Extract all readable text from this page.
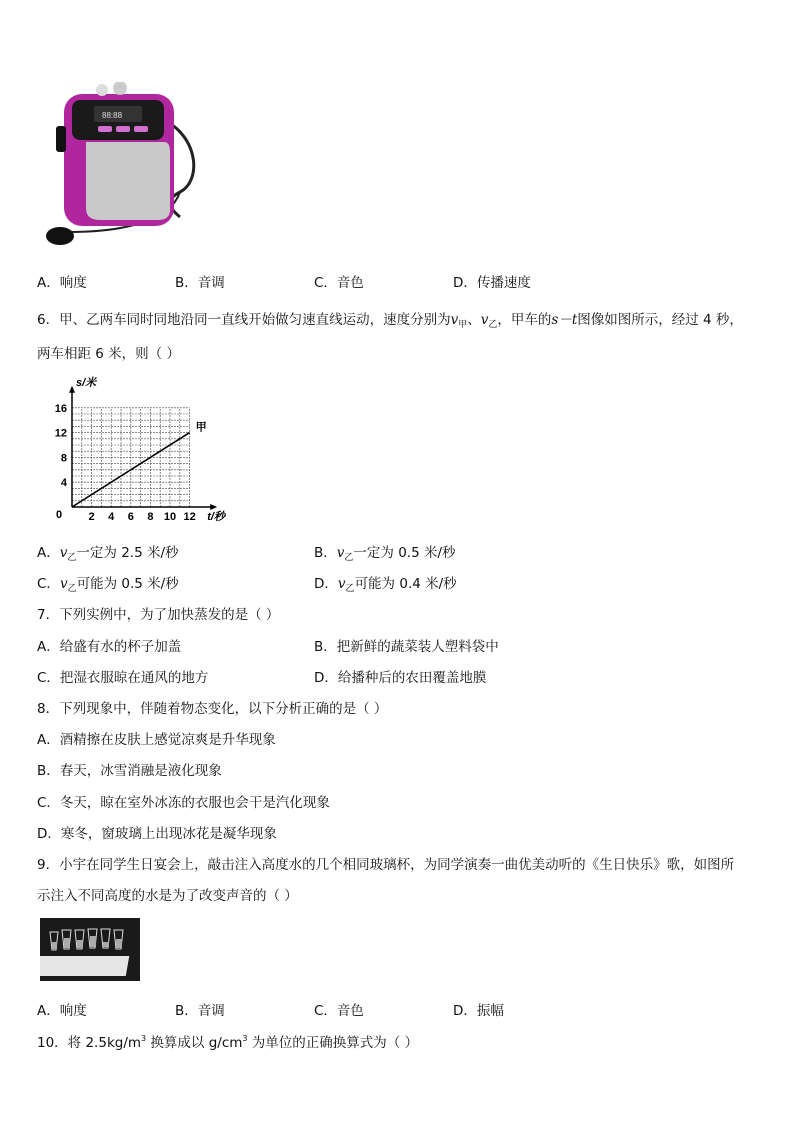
88:88
A．响度	B．音调	C．音色	D．传播速度
6．甲、乙两车同时同地沿同一直线开始做匀速直线运动，速度分别为$v_甲$、$v_乙$，甲车的s－t图像如图所示，经过 4 秒，
两车相距 6 米，则（ ）
2 4 6 8 10 12
4
8
12
16
0
s/米
t/秒
甲
A．$v_乙$一定为 2.5 米/秒	B．$v_乙$一定为 0.5 米/秒
C．$v_乙$可能为 0.5 米/秒	D．$v_乙$可能为 0.4 米/秒
7．下列实例中，为了加快蒸发的是（ ）
A．给盛有水的杯子加盖	B．把新鲜的蔬菜装人塑料袋中
C．把湿衣服晾在通风的地方	D．给播种后的农田覆盖地膜
8．下列现象中，伴随着物态变化，以下分析正确的是（ ）
A．酒精擦在皮肤上感觉凉爽是升华现象
B．春天，冰雪消融是液化现象
C．冬天，晾在室外冰冻的衣服也会干是汽化现象
D．寒冬，窗玻璃上出现冰花是凝华现象
9．小宇在同学生日宴会上，敲击注入高度水的几个相同玻璃杯，为同学演奏一曲优美动听的《生日快乐》歌，如图所
示注入不同高度的水是为了改变声音的（ ）
A．响度	B．音调	C．音色	D．振幅
10．将 $2.5kg/m^3$ 换算成以 $g/cm^3$ 为单位的正确换算式为（ ）
